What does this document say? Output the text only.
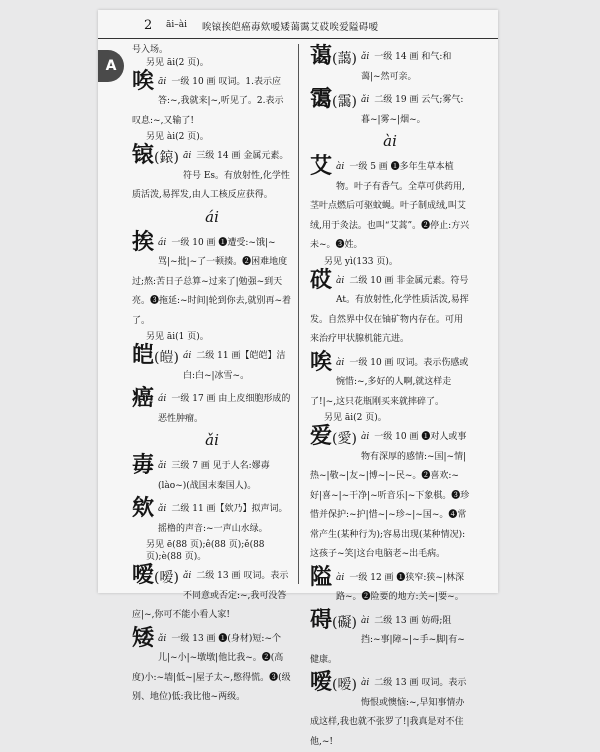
2 āi–ài 唉锿挨皑癌毐欸嗳矮蔼霭艾砹唉爱隘碍嗳
A
号入场。
另见 āi(2 页)。
唉 āi 一级 10 画 叹词。1.表示应答:~,我就来|~,听见了。2.表示叹息:~,又输了!
另见 ài(2 页)。
锿(鎄) āi 三级 14 画 金属元素。符号 Es。有放射性,化学性质活泼,易挥发,由人工核反应获得。
ái
挨 ái 一级 10 画 ❶遭受:~饿|~骂|~批|~了一顿揍。❷困难地度过;熬:苦日子总算~过来了|勉强~到天亮。❸拖延:~时间|轮到你去,就别再~着了。
另见 āi(1 页)。
皑(皚) ái 二级 11 画【皑皑】洁白:白~|冰雪~。
癌 ái 一级 17 画 由上皮细胞形成的恶性肿瘤。
ǎi
毐 ǎi 三级 7 画 见于人名:嫪毐(lào~)(战国末秦国人)。
欸 ǎi 二级 11 画【欸乃】拟声词。摇橹的声音:~一声山水绿。
另见 ē(88 页);ê(88 页);ě(88 页);è(88 页)。
嗳(嗳) ǎi 二级 13 画 叹词。表示不同意或否定:~,我可没答应|~,你可不能小看人家!
矮 ǎi 一级 13 画 ❶(身材)短:~个儿|~小|~墩墩|他比我~。❷(高度)小:~墙|低~|屋子太~,憋得慌。❸(级别、地位)低:我比他~两级。
蔼(藹) ǎi 一级 14 画 和气:和蔼|~然可亲。
霭(靄) ǎi 二级 19 画 云气;雾气:暮~|雾~|烟~。
ài
艾 ài 一级 5 画 ❶多年生草本植物。叶子有香气。全草可供药用,茎叶点燃后可驱蚊蝇。叶子制成绒,叫艾绒,用于灸法。也叫“艾蒿”。❷停止:方兴未~。❸姓。
另见 yì(133 页)。
砹 ài 二级 10 画 非金属元素。符号 At。有放射性,化学性质活泼,易挥发。自然界中仅在铀矿物内存在。可用来治疗甲状腺机能亢进。
唉 ài 一级 10 画 叹词。表示伤感或惋惜:~,多好的人啊,就这样走了!|~,这只花瓶刚买来就摔碎了。
另见 āi(2 页)。
爱(愛) ài 一级 10 画 ❶对人或事物有深厚的感情:~国|~情|热~|敬~|友~|博~|~民~。❷喜欢:~好|喜~|~干净|~听音乐|~下象棋。❸珍惜并保护:~护|惜~|~珍~|~国~。❹常常产生(某种行为);容易出现(某种情况):这孩子~笑|这台电脑老~出毛病。
隘 ài 一级 12 画 ❶狭窄:狭~|林深路~。❷险要的地方:关~|要~。
碍(礙) ài 二级 13 画 妨碍;阻挡:~事|障~|~手~脚|有~健康。
嗳(嗳) ài 二级 13 画 叹词。表示悔恨或懊恼:~,早知事情办成这样,我也就不张罗了!|我真是对不住他,~!
